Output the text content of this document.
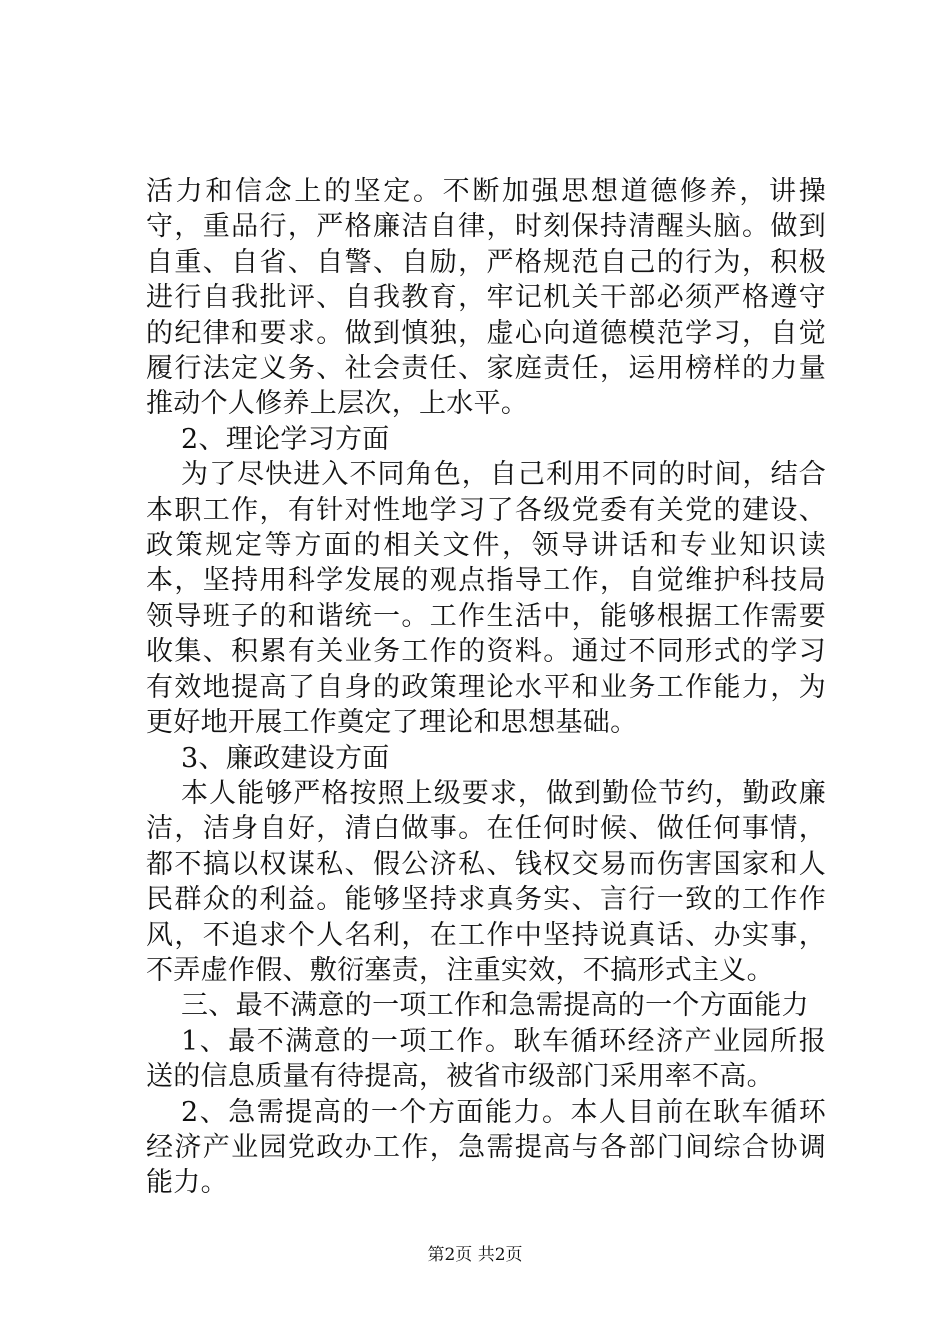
活力和信念上的坚定。不断加强思想道德修养，讲操守，重品行，严格廉洁自律，时刻保持清醒头脑。做到自重、自省、自警、自励，严格规范自己的行为，积极进行自我批评、自我教育，牢记机关干部必须严格遵守的纪律和要求。做到慎独，虚心向道德模范学习，自觉履行法定义务、社会责任、家庭责任，运用榜样的力量推动个人修养上层次，上水平。

2、理论学习方面

为了尽快进入不同角色，自己利用不同的时间，结合本职工作，有针对性地学习了各级党委有关党的建设、政策规定等方面的相关文件，领导讲话和专业知识读本，坚持用科学发展的观点指导工作，自觉维护科技局领导班子的和谐统一。工作生活中，能够根据工作需要收集、积累有关业务工作的资料。通过不同形式的学习有效地提高了自身的政策理论水平和业务工作能力，为更好地开展工作奠定了理论和思想基础。

3、廉政建设方面

本人能够严格按照上级要求，做到勤俭节约，勤政廉洁，洁身自好，清白做事。在任何时候、做任何事情，都不搞以权谋私、假公济私、钱权交易而伤害国家和人民群众的利益。能够坚持求真务实、言行一致的工作作风，不追求个人名利，在工作中坚持说真话、办实事，不弄虚作假、敷衍塞责，注重实效，不搞形式主义。

三、最不满意的一项工作和急需提高的一个方面能力

1、最不满意的一项工作。耿车循环经济产业园所报送的信息质量有待提高，被省市级部门采用率不高。

2、急需提高的一个方面能力。本人目前在耿车循环经济产业园党政办工作，急需提高与各部门间综合协调能力。

第2页 共2页
